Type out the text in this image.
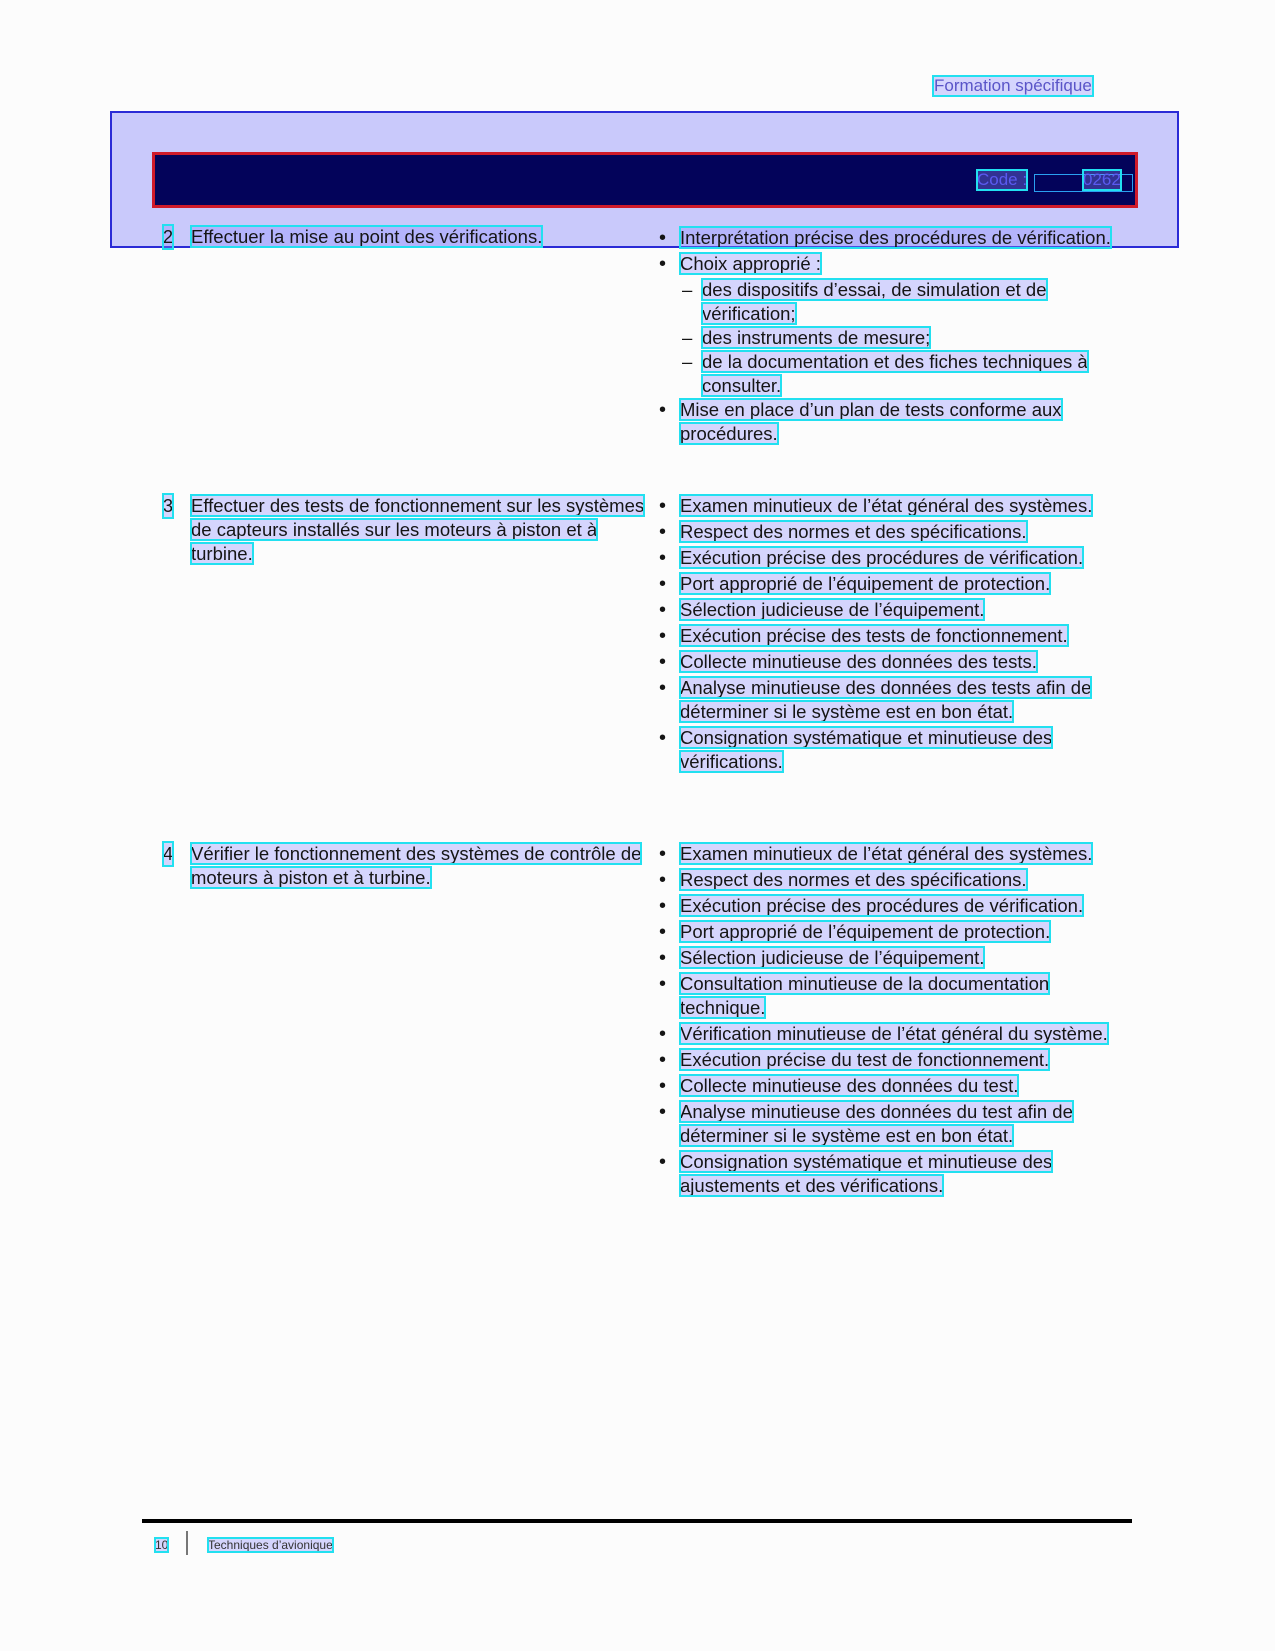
Formation spécifique
Code :	0262
2 Effectuer la mise au point des vérifications.
•	Interprétation précise des procédures de vérification.
• Choix approprié :
– des dispositifs d’essai, de simulation et de vérification;
– des instruments de mesure;
– de la documentation et des fiches techniques à consulter.
• Mise en place d’un plan de tests conforme aux procédures.
3 Effectuer des tests de fonctionnement sur les systèmes de capteurs installés sur les moteurs à piston et à turbine.
• Examen minutieux de l’état général des systèmes.
• Respect des normes et des spécifications.
• Exécution précise des procédures de vérification.
• Port approprié de l’équipement de protection.
• Sélection judicieuse de l’équipement.
• Exécution précise des tests de fonctionnement.
• Collecte minutieuse des données des tests.
• Analyse minutieuse des données des tests afin de déterminer si le système est en bon état.
• Consignation systématique et minutieuse des vérifications.
4 Vérifier le fonctionnement des systèmes de contrôle de moteurs à piston et à turbine.
• Examen minutieux de l’état général des systèmes.
• Respect des normes et des spécifications.
• Exécution précise des procédures de vérification.
• Port approprié de l’équipement de protection.
• Sélection judicieuse de l’équipement.
• Consultation minutieuse de la documentation technique.
• Vérification minutieuse de l’état général du système.
• Exécution précise du test de fonctionnement.
• Collecte minutieuse des données du test.
• Analyse minutieuse des données du test afin de déterminer si le système est en bon état.
• Consignation systématique et minutieuse des ajustements et des vérifications.
10	Techniques d’avionique
